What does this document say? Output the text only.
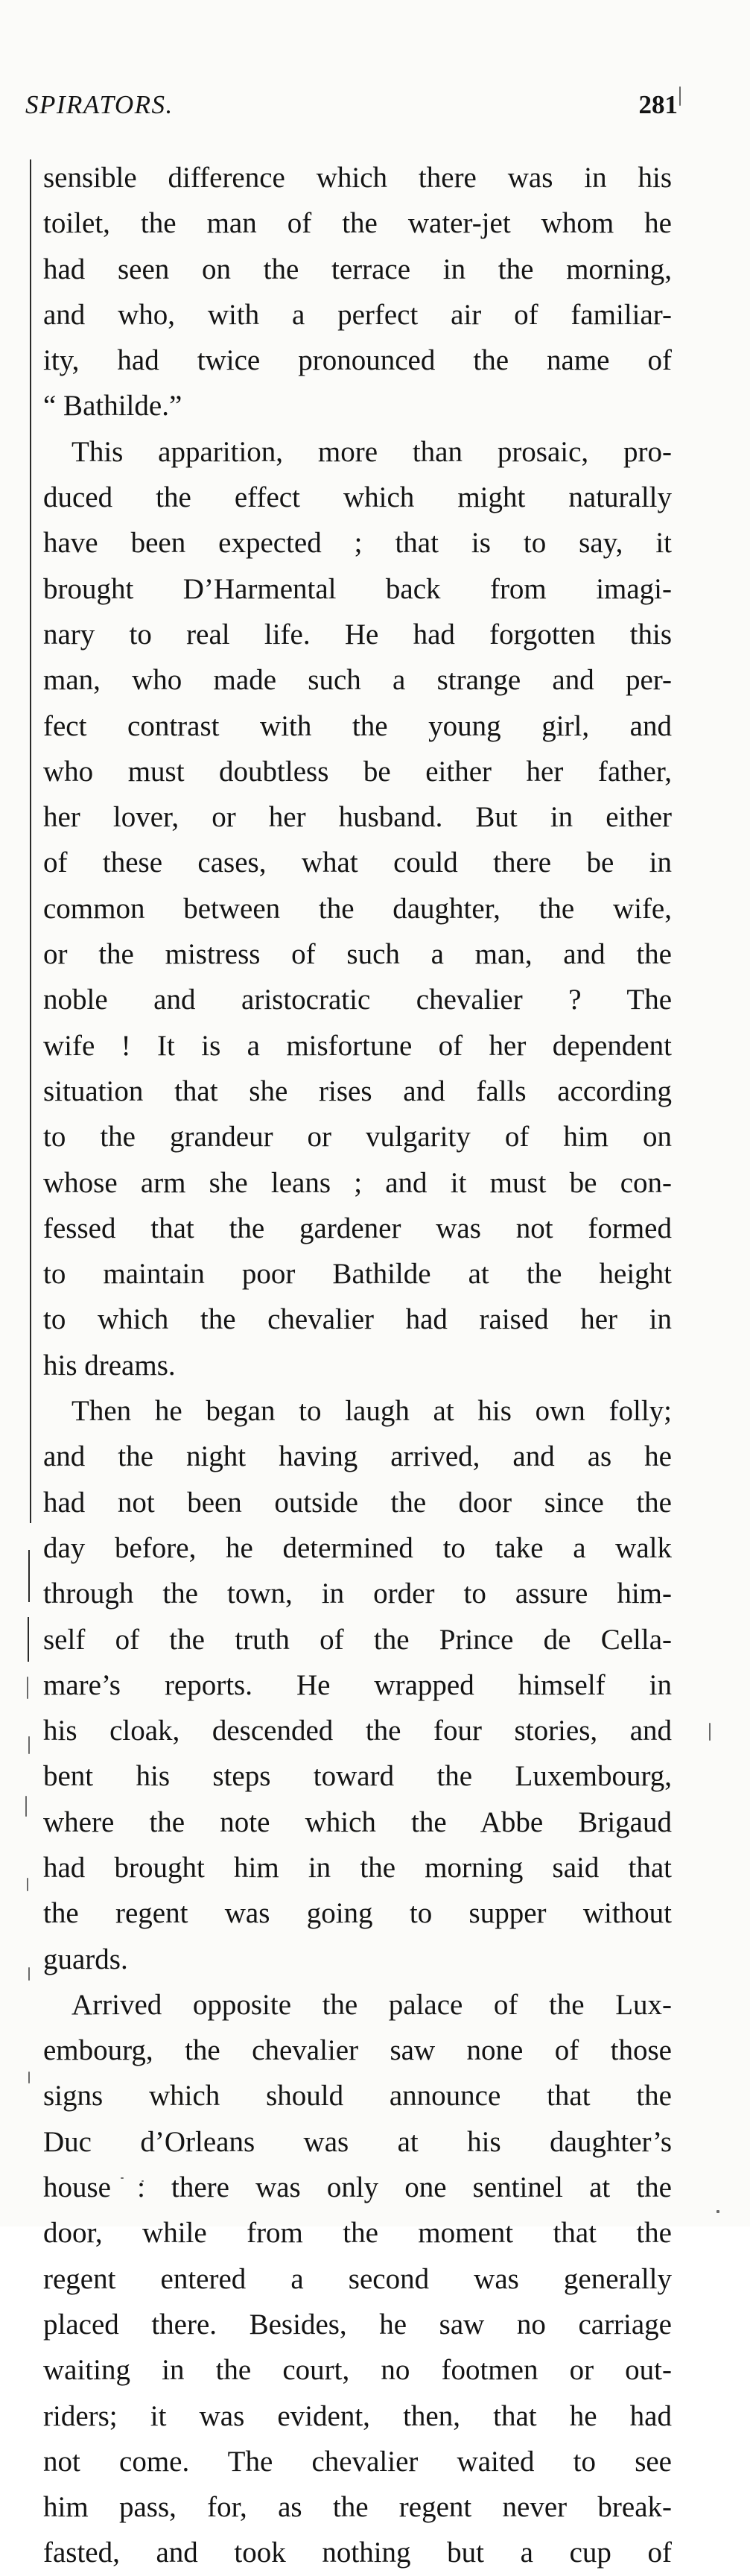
SPIRATORS.	281
sensible difference which there was in his
toilet, the man of the water-jet whom he
had seen on the terrace in the morning,
and who, with a perfect air of familiar-
ity, had twice pronounced the name of
“ Bathilde.”
This apparition, more than prosaic, pro-
duced the effect which might naturally
have been expected ; that is to say, it
brought D’Harmental back from imagi-
nary to real life. He had forgotten this
man, who made such a strange and per-
fect contrast with the young girl, and
who must doubtless be either her father,
her lover, or her husband. But in either
of these cases, what could there be in
common between the daughter, the wife,
or the mistress of such a man, and the
noble and aristocratic chevalier ? The
wife ! It is a misfortune of her dependent
situation that she rises and falls according
to the grandeur or vulgarity of him on
whose arm she leans ; and it must be con-
fessed that the gardener was not formed
to maintain poor Bathilde at the height
to which the chevalier had raised her in
his dreams.
Then he began to laugh at his own folly;
and the night having arrived, and as he
had not been outside the door since the
day before, he determined to take a walk
through the town, in order to assure him-
self of the truth of the Prince de Cella-
mare’s reports. He wrapped himself in
his cloak, descended the four stories, and
bent his steps toward the Luxembourg,
where the note which the Abbe Brigaud
had brought him in the morning said that
the regent was going to supper without
guards.
Arrived opposite the palace of the Lux-
embourg, the chevalier saw none of those
signs which should announce that the
Duc d’Orleans was at his daughter’s
house : there was only one sentinel at the
door, while from the moment that the
regent entered a second was generally
placed there. Besides, he saw no carriage
waiting in the court, no footmen or out-
riders; it was evident, then, that he had
not come. The chevalier waited to see
him pass, for, as the regent never break-
fasted, and took nothing but a cup of
